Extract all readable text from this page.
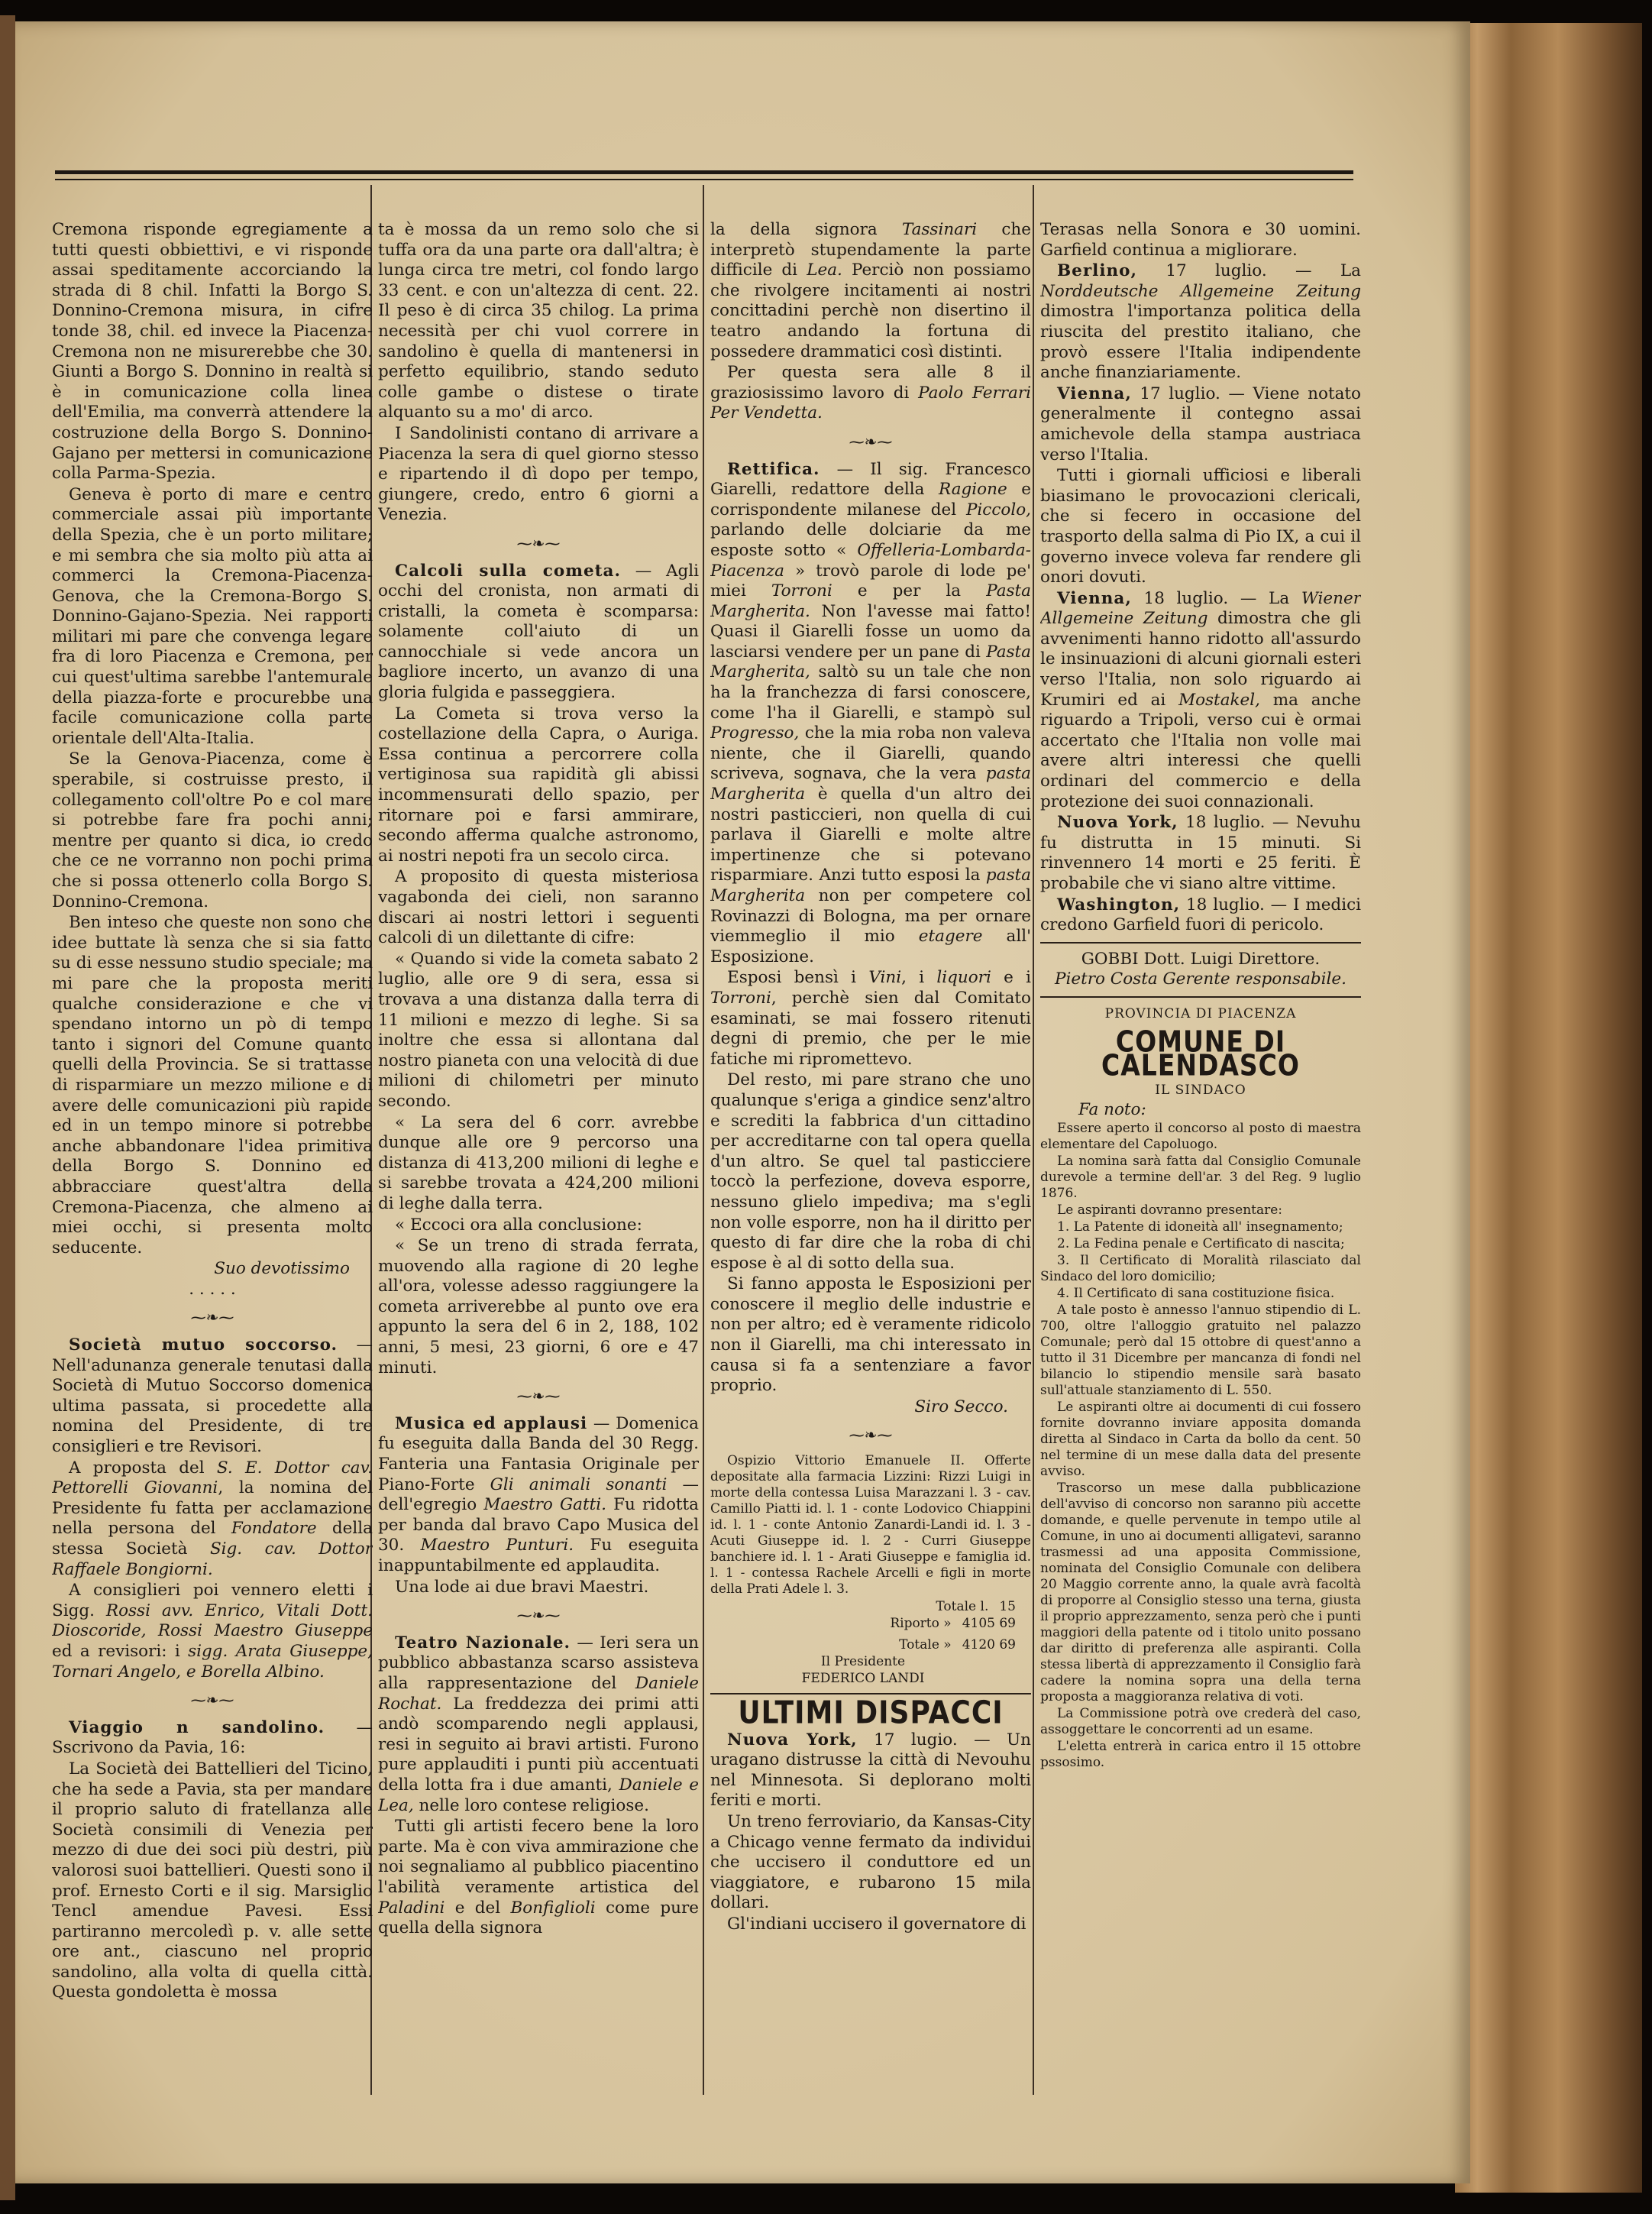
Cremona risponde egregiamente a tutti questi obbiettivi, e vi risponde assai speditamente accorciando la strada di 8 chil. Infatti la Borgo S. Donnino-Cremona misura, in cifre tonde 38, chil. ed invece la Piacenza-Cremona non ne misurerebbe che 30. Giunti a Borgo S. Donnino in realtà si è in comunicazione colla linea dell'Emilia, ma converrà attendere la costruzione della Borgo S. Donnino-Gajano per mettersi in comunicazione colla Parma-Spezia.

Geneva è porto di mare e centro commerciale assai più importante della Spezia, che è un porto militare; e mi sembra che sia molto più atta ai commerci la Cremona-Piacenza-Genova, che la Cremona-Borgo S. Donnino-Gajano-Spezia. Nei rapporti militari mi pare che convenga legare fra di loro Piacenza e Cremona, per cui quest'ultima sarebbe l'antemurale della piazza-forte e procurebbe una facile comunicazione colla parte orientale dell'Alta-Italia.

Se la Genova-Piacenza, come è sperabile, si costruisse presto, il collegamento coll'oltre Po e col mare si potrebbe fare fra pochi anni; mentre per quanto si dica, io credo che ce ne vorranno non pochi prima che si possa ottenerlo colla Borgo S. Donnino-Cremona.

Ben inteso che queste non sono che idee buttate là senza che si sia fatto su di esse nessuno studio speciale; ma mi pare che la proposta meriti qualche considerazione e che vi spendano intorno un pò di tempo tanto i signori del Comune quanto quelli della Provincia. Se si trattasse di risparmiare un mezzo milione e di avere delle comunicazioni più rapide ed in un tempo minore si potrebbe anche abbandonare l'idea primitiva della Borgo S. Donnino ed abbracciare quest'altra della Cremona-Piacenza, che almeno ai miei occhi, si presenta molto seducente.

Suo devotissimo
. . . . .
⁓❧⁓

Società mutuo soccorso. — Nell'adunanza generale tenutasi dalla Società di Mutuo Soccorso domenica ultima passata, si procedette alla nomina del Presidente, di tre consiglieri e tre Revisori.

A proposta del S. E. Dottor cav. Pettorelli Giovanni, la nomina del Presidente fu fatta per acclamazione nella persona del Fondatore della stessa Società Sig. cav. Dottor Raffaele Bongiorni.

A consiglieri poi vennero eletti i Sigg. Rossi avv. Enrico, Vitali Dott. Dioscoride, Rossi Maestro Giuseppe ed a revisori: i sigg. Arata Giuseppe, Tornari Angelo, e Borella Albino.

⁓❧⁓

Viaggio n sandolino. — Sscrivono da Pavia, 16:

La Società dei Battellieri del Ticino, che ha sede a Pavia, sta per mandare il proprio saluto di fratellanza alle Società consimili di Venezia per mezzo di due dei soci più destri, più valorosi suoi battellieri. Questi sono il prof. Ernesto Corti e il sig. Marsiglio Tencl amendue Pavesi. Essi partiranno mercoledì p. v. alle sette ore ant., ciascuno nel proprio sandolino, alla volta di quella città. Questa gondoletta è mossa

ta è mossa da un remo solo che si tuffa ora da una parte ora dall'altra; è lunga circa tre metri, col fondo largo 33 cent. e con un'altezza di cent. 22. Il peso è di circa 35 chilog. La prima necessità per chi vuol correre in sandolino è quella di mantenersi in perfetto equilibrio, stando seduto colle gambe o distese o tirate alquanto su a mo' di arco.

I Sandolinisti contano di arrivare a Piacenza la sera di quel giorno stesso e ripartendo il dì dopo per tempo, giungere, credo, entro 6 giorni a Venezia.

⁓❧⁓

Calcoli sulla cometa. — Agli occhi del cronista, non armati di cristalli, la cometa è scomparsa: solamente coll'aiuto di un cannocchiale si vede ancora un bagliore incerto, un avanzo di una gloria fulgida e passeggiera.

La Cometa si trova verso la costellazione della Capra, o Auriga. Essa continua a percorrere colla vertiginosa sua rapidità gli abissi incommensurati dello spazio, per ritornare poi e farsi ammirare, secondo afferma qualche astronomo, ai nostri nepoti fra un secolo circa.

A proposito di questa misteriosa vagabonda dei cieli, non saranno discari ai nostri lettori i seguenti calcoli di un dilettante di cifre:

« Quando si vide la cometa sabato 2 luglio, alle ore 9 di sera, essa si trovava a una distanza dalla terra di 11 milioni e mezzo di leghe. Si sa inoltre che essa si allontana dal nostro pianeta con una velocità di due milioni di chilometri per minuto secondo.

« La sera del 6 corr. avrebbe dunque alle ore 9 percorso una distanza di 413,200 milioni di leghe e si sarebbe trovata a 424,200 milioni di leghe dalla terra.

« Eccoci ora alla conclusione:

« Se un treno di strada ferrata, muovendo alla ragione di 20 leghe all'ora, volesse adesso raggiungere la cometa arriverebbe al punto ove era appunto la sera del 6 in 2, 188, 102 anni, 5 mesi, 23 giorni, 6 ore e 47 minuti.

⁓❧⁓

Musica ed applausi — Domenica fu eseguita dalla Banda del 30 Regg. Fanteria una Fantasia Originale per Piano-Forte Gli animali sonanti — dell'egregio Maestro Gatti. Fu ridotta per banda dal bravo Capo Musica del 30. Maestro Punturi. Fu eseguita inappuntabilmente ed applaudita.

Una lode ai due bravi Maestri.

⁓❧⁓

Teatro Nazionale. — Ieri sera un pubblico abbastanza scarso assisteva alla rappresentazione del Daniele Rochat. La freddezza dei primi atti andò scomparendo negli applausi, resi in seguito ai bravi artisti. Furono pure applauditi i punti più accentuati della lotta fra i due amanti, Daniele e Lea, nelle loro contese religiose.

Tutti gli artisti fecero bene la loro parte. Ma è con viva ammirazione che noi segnaliamo al pubblico piacentino l'abilità veramente artistica del Paladini e del Bonfiglioli come pure quella della signora

la della signora Tassinari che interpretò stupendamente la parte difficile di Lea. Perciò non possiamo che rivolgere incitamenti ai nostri concittadini perchè non disertino il teatro andando la fortuna di possedere drammatici così distinti.

Per questa sera alle 8 il graziosissimo lavoro di Paolo Ferrari Per Vendetta.

⁓❧⁓

Rettifica. — Il sig. Francesco Giarelli, redattore della Ragione e corrispondente milanese del Piccolo, parlando delle dolciarie da me esposte sotto « Offelleria-Lombarda-Piacenza » trovò parole di lode pe' miei Torroni e per la Pasta Margherita. Non l'avesse mai fatto! Quasi il Giarelli fosse un uomo da lasciarsi vendere per un pane di Pasta Margherita, saltò su un tale che non ha la franchezza di farsi conoscere, come l'ha il Giarelli, e stampò sul Progresso, che la mia roba non valeva niente, che il Giarelli, quando scriveva, sognava, che la vera pasta Margherita è quella d'un altro dei nostri pasticcieri, non quella di cui parlava il Giarelli e molte altre impertinenze che si potevano risparmiare. Anzi tutto esposi la pasta Margherita non per competere col Rovinazzi di Bologna, ma per ornare viemmeglio il mio etagere all' Esposizione.

Esposi bensì i Vini, i liquori e i Torroni, perchè sien dal Comitato esaminati, se mai fossero ritenuti degni di premio, che per le mie fatiche mi ripromettevo.

Del resto, mi pare strano che uno qualunque s'eriga a gindice senz'altro e screditi la fabbrica d'un cittadino per accreditarne con tal opera quella d'un altro. Se quel tal pasticciere toccò la perfezione, doveva esporre, nessuno glielo impediva; ma s'egli non volle esporre, non ha il diritto per questo di far dire che la roba di chi espose è al di sotto della sua.

Si fanno apposta le Esposizioni per conoscere il meglio delle industrie e non per altro; ed è veramente ridicolo non il Giarelli, ma chi interessato in causa si fa a sentenziare a favor proprio.

Siro Secco.
⁓❧⁓

Ospizio Vittorio Emanuele II. Offerte depositate alla farmacia Lizzini: Rizzi Luigi in morte della contessa Luisa Marazzani l. 3 - cav. Camillo Piatti id. l. 1 - conte Lodovico Chiappini id. l. 1 - conte Antonio Zanardi-Landi id. l. 3 - Acuti Giuseppe id. l. 2 - Curri Giuseppe banchiere id. l. 1 - Arati Giuseppe e famiglia id. l. 1 - contessa Rachele Arcelli e figli in morte della Prati Adele l. 3.

Totale l. 15
Riporto » 4105 69
Totale » 4120 69
Il Presidente
FEDERICO LANDI
ULTIMI DISPACCI

Nuova York, 17 lugio. — Un uragano distrusse la città di Nevouhu nel Minnesota. Si deplorano molti feriti e morti.

Un treno ferroviario, da Kansas-City a Chicago venne fermato da individui che uccisero il conduttore ed un viaggiatore, e rubarono 15 mila dollari.

Gl'indiani uccisero il governatore di

Terasas nella Sonora e 30 uomini. Garfield continua a migliorare.

Berlino, 17 luglio. — La Norddeutsche Allgemeine Zeitung dimostra l'importanza politica della riuscita del prestito italiano, che provò essere l'Italia indipendente anche finanziariamente.

Vienna, 17 luglio. — Viene notato generalmente il contegno assai amichevole della stampa austriaca verso l'Italia.

Tutti i giornali ufficiosi e liberali biasimano le provocazioni clericali, che si fecero in occasione del trasporto della salma di Pio IX, a cui il governo invece voleva far rendere gli onori dovuti.

Vienna, 18 luglio. — La Wiener Allgemeine Zeitung dimostra che gli avvenimenti hanno ridotto all'assurdo le insinuazioni di alcuni giornali esteri verso l'Italia, non solo riguardo ai Krumiri ed ai Mostakel, ma anche riguardo a Tripoli, verso cui è ormai accertato che l'Italia non volle mai avere altri interessi che quelli ordinari del commercio e della protezione dei suoi connazionali.

Nuova York, 18 luglio. — Nevuhu fu distrutta in 15 minuti. Si rinvennero 14 morti e 25 feriti. È probabile che vi siano altre vittime.

Washington, 18 luglio. — I medici credono Garfield fuori di pericolo.

GOBBI Dott. Luigi Direttore.
Pietro Costa Gerente responsabile.
PROVINCIA DI PIACENZA
COMUNE DI CALENDASCO
IL SINDACO
Fa noto:

Essere aperto il concorso al posto di maestra elementare del Capoluogo.

La nomina sarà fatta dal Consiglio Comunale durevole a termine dell'ar. 3 del Reg. 9 luglio 1876.

Le aspiranti dovranno presentare:

1. La Patente di idoneità all' insegnamento;

2. La Fedina penale e Certificato di nascita;

3. Il Certificato di Moralità rilasciato dal Sindaco del loro domicilio;

4. Il Certificato di sana costituzione fisica.

A tale posto è annesso l'annuo stipendio di L. 700, oltre l'alloggio gratuito nel palazzo Comunale; però dal 15 ottobre di quest'anno a tutto il 31 Dicembre per mancanza di fondi nel bilancio lo stipendio mensile sarà basato sull'attuale stanziamento di L. 550.

Le aspiranti oltre ai documenti di cui fossero fornite dovranno inviare apposita domanda diretta al Sindaco in Carta da bollo da cent. 50 nel termine di un mese dalla data del presente avviso.

Trascorso un mese dalla pubblicazione dell'avviso di concorso non saranno più accette domande, e quelle pervenute in tempo utile al Comune, in uno ai documenti alligatevi, saranno trasmessi ad una apposita Commissione, nominata del Consiglio Comunale con delibera 20 Maggio corrente anno, la quale avrà facoltà di proporre al Consiglio stesso una terna, giusta il proprio apprezzamento, senza però che i punti maggiori della patente od i titolo unito possano dar diritto di preferenza alle aspiranti. Colla stessa libertà di apprezzamento il Consiglio farà cadere la nomina sopra una della terna proposta a maggioranza relativa di voti.

La Commissione potrà ove crederà del caso, assoggettare le concorrenti ad un esame.

L'eletta entrerà in carica entro il 15 ottobre pssosimo.
